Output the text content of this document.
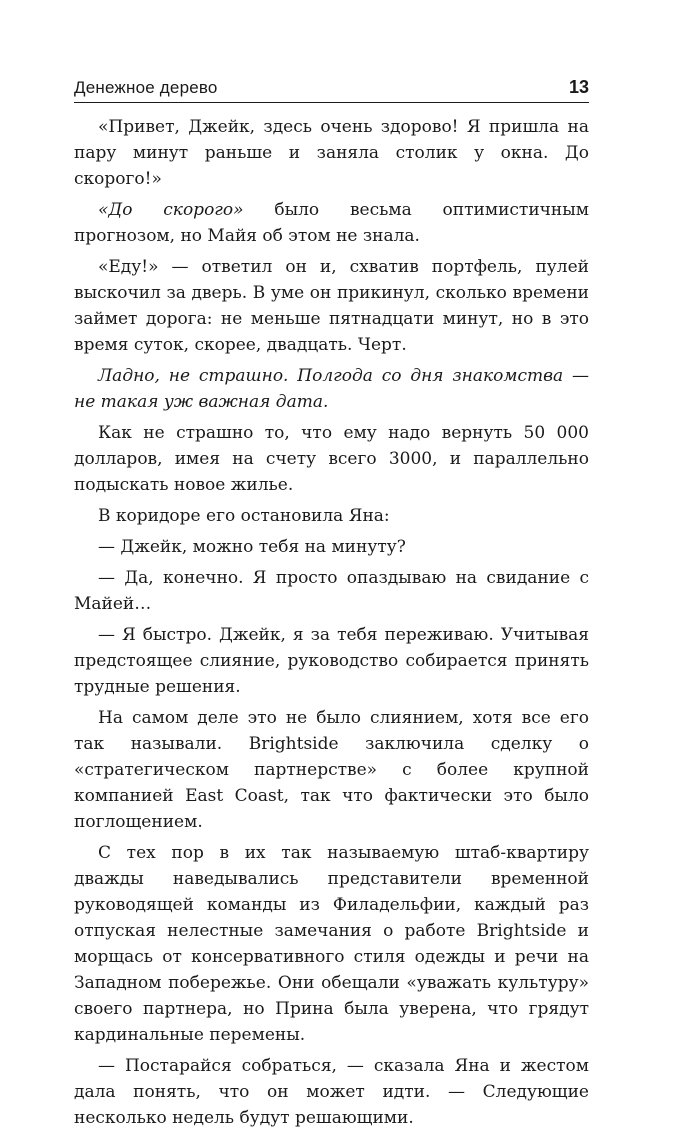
Денежное дерево	13

«Привет, Джейк, здесь очень здорово! Я пришла на пару минут раньше и заняла столик у окна. До скорого!»

«До скорого» было весьма оптимистичным прогнозом, но Майя об этом не знала.

«Еду!» — ответил он и, схватив портфель, пулей выскочил за дверь. В уме он прикинул, сколько времени займет дорога: не меньше пятнадцати минут, но в это время суток, скорее, двадцать. Черт.

Ладно, не страшно. Полгода со дня знакомства — не такая уж важная дата.

Как не страшно то, что ему надо вернуть 50 000 долларов, имея на счету всего 3000, и параллельно подыскать новое жилье.

В коридоре его остановила Яна:

— Джейк, можно тебя на минуту?

— Да, конечно. Я просто опаздываю на свидание с Майей…

— Я быстро. Джейк, я за тебя переживаю. Учитывая предстоящее слияние, руководство собирается принять трудные решения.

На самом деле это не было слиянием, хотя все его так называли. Brightside заключила сделку о «стратегическом партнерстве» с более крупной компанией East Coast, так что фактически это было поглощением.

С тех пор в их так называемую штаб-квартиру дважды наведывались представители временной руководящей команды из Филадельфии, каждый раз отпуская нелестные замечания о работе Brightside и морщась от консервативного стиля одежды и речи на Западном побережье. Они обещали «уважать культуру» своего партнера, но Прина была уверена, что грядут кардинальные перемены.

— Постарайся собраться, — сказала Яна и жестом дала понять, что он может идти. — Следующие несколько недель будут решающими.
